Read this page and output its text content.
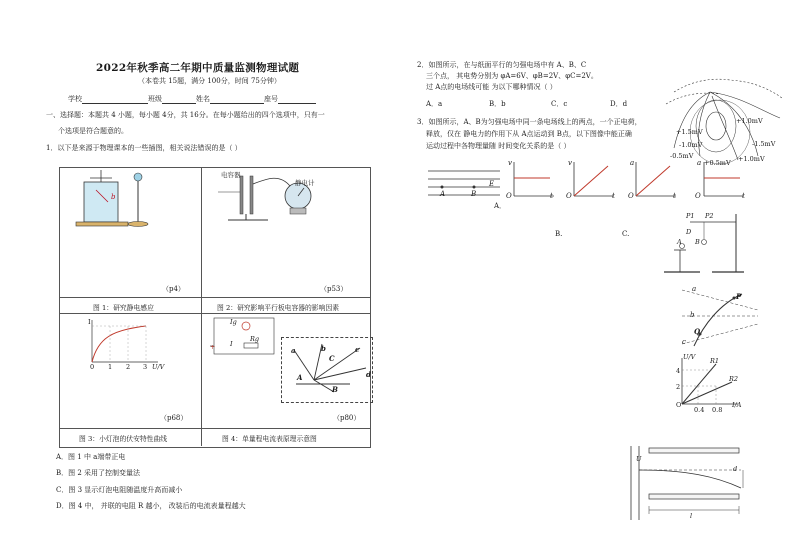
2022年秋季高二年期中质量监测物理试题
（本卷共 15题，满分 100分，时间 75分钟）
学校	班级	姓名	座号
一、选择题：本题共 4 小题，每小题 4分，共 16分。在每小题给出的四个选项中，只有一
个选项是符合题意的。
1．以下是来源于物理课本的一些插图，相关说法错误的是（ ）
b
电容器
静电计
（p4）	（p53）
图 1：研究静电感应	图 2：研究影响平行板电容器的影响因素
I
0 1 2 3 U/V
+ I
Ig
Rg
a	b	c
A
B
C
d
（p68）	（p80）
图 3：小灯泡的伏安特性曲线	图 4：单量程电流表原理示意图
A．图 1 中 a端带正电
B．图 2 采用了控制变量法
C．图 3 显示灯泡电阻随温度升高而减小
D．图 4 中， 并联的电阻 R 越小， 改装后的电流表量程越大
2．如图所示，在与纸面平行的匀强电场中有 A、B、C
三个点， 其电势分别为 φA=6V、φB=2V、φC=2V。
过 A点的电场线可能 为以下哪种情况（ ）
A．a	B．b	C．c	D．d
+1.5mV
+1.0mV
-1.0mV
-0.5mV
+0.5mV +1.0mV
-1.5mV
3．如图所示，A、B为匀强电场中同一条电场线上的两点，一个正电荷，
释放，仅在 静电力的作用下从 A点运动到 B点，以下图像中能正确
运动过程中各物理量随 时间变化关系的是（ ）
A	B
E
A．
v
O	t
v
O	t
a
O	t
a
O	t
B.	C.
P1 P2
D
A B
a
P
b
Q
c
U/V
4
2
O
0.4 0.8
I/A
R1
R2
U
d
l
